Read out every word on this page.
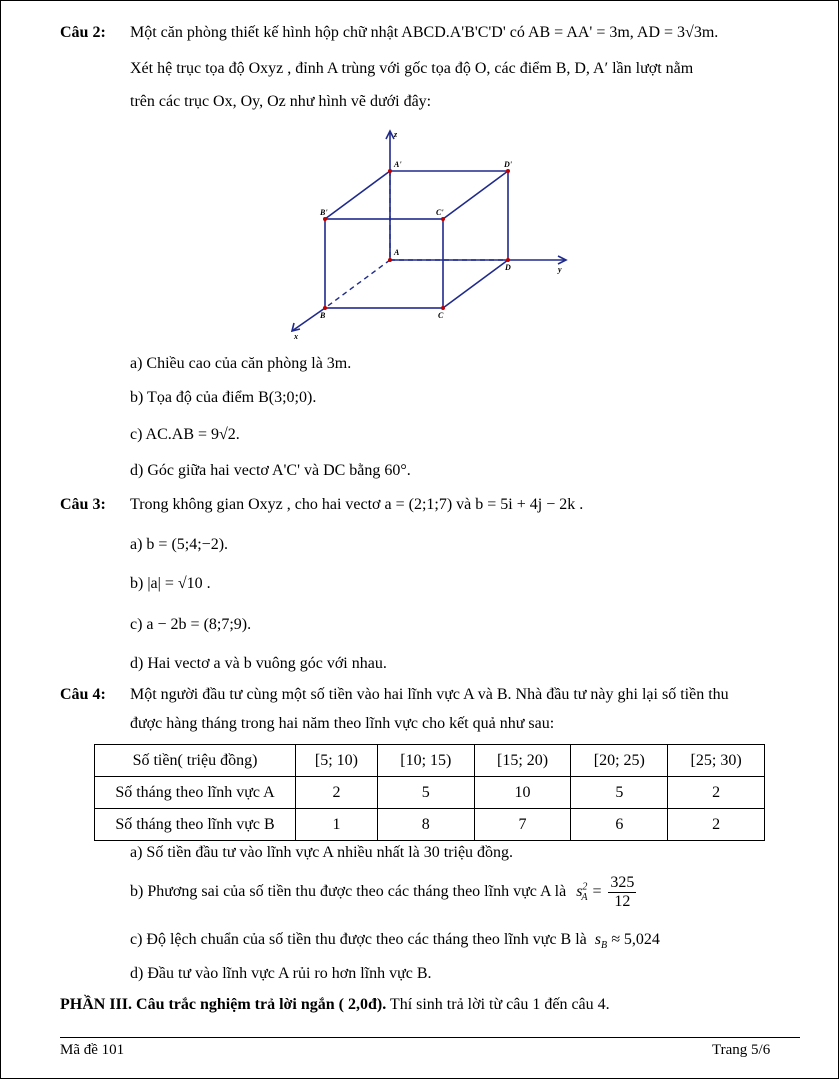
Câu 2: Một căn phòng thiết kế hình hộp chữ nhật ABCD.A'B'C'D' có AB = AA' = 3m, AD = 3√3m.
Xét hệ trục tọa độ Oxyz , đỉnh A trùng với gốc tọa độ O, các điểm B, D, A′ lần lượt nằm
trên các trục Ox, Oy, Oz như hình vẽ dưới đây:
z
y
x
A
B	C
D
A'
B'	C'
D'
a) Chiều cao của căn phòng là 3m.
b) Tọa độ của điểm B(3;0;0).
c) AC.AB = 9√2.
d) Góc giữa hai vectơ A'C' và DC bằng 60°.
Câu 3: Trong không gian Oxyz , cho hai vectơ a = (2;1;7) và b = 5i + 4j − 2k .
a) b = (5;4;−2).
b) |a| = √10 .
c) a − 2b = (8;7;9).
d) Hai vectơ a và b vuông góc với nhau.
Câu 4: Một người đầu tư cùng một số tiền vào hai lĩnh vực A và B. Nhà đầu tư này ghi lại số tiền thu
được hàng tháng trong hai năm theo lĩnh vực cho kết quả như sau:
Số tiền( triệu đồng)	[5; 10)	[10; 15)	[15; 20)	[20; 25)	[25; 30)
Số tháng theo lĩnh vực A	2	5	10	5	2
Số tháng theo lĩnh vực B	1	8	7	6	2
a) Số tiền đầu tư vào lĩnh vực A nhiều nhất là 30 triệu đồng.
b) Phương sai của số tiền thu được theo các tháng theo lĩnh vực A là $s^2_A = \frac{325}{12}$
c) Độ lệch chuẩn của số tiền thu được theo các tháng theo lĩnh vực B là $s_B \approx 5,024$
d) Đầu tư vào lĩnh vực A rủi ro hơn lĩnh vực B.
PHẦN III. Câu trắc nghiệm trả lời ngắn ( 2,0đ). Thí sinh trả lời từ câu 1 đến câu 4.
Mã đề 101	Trang 5/6
